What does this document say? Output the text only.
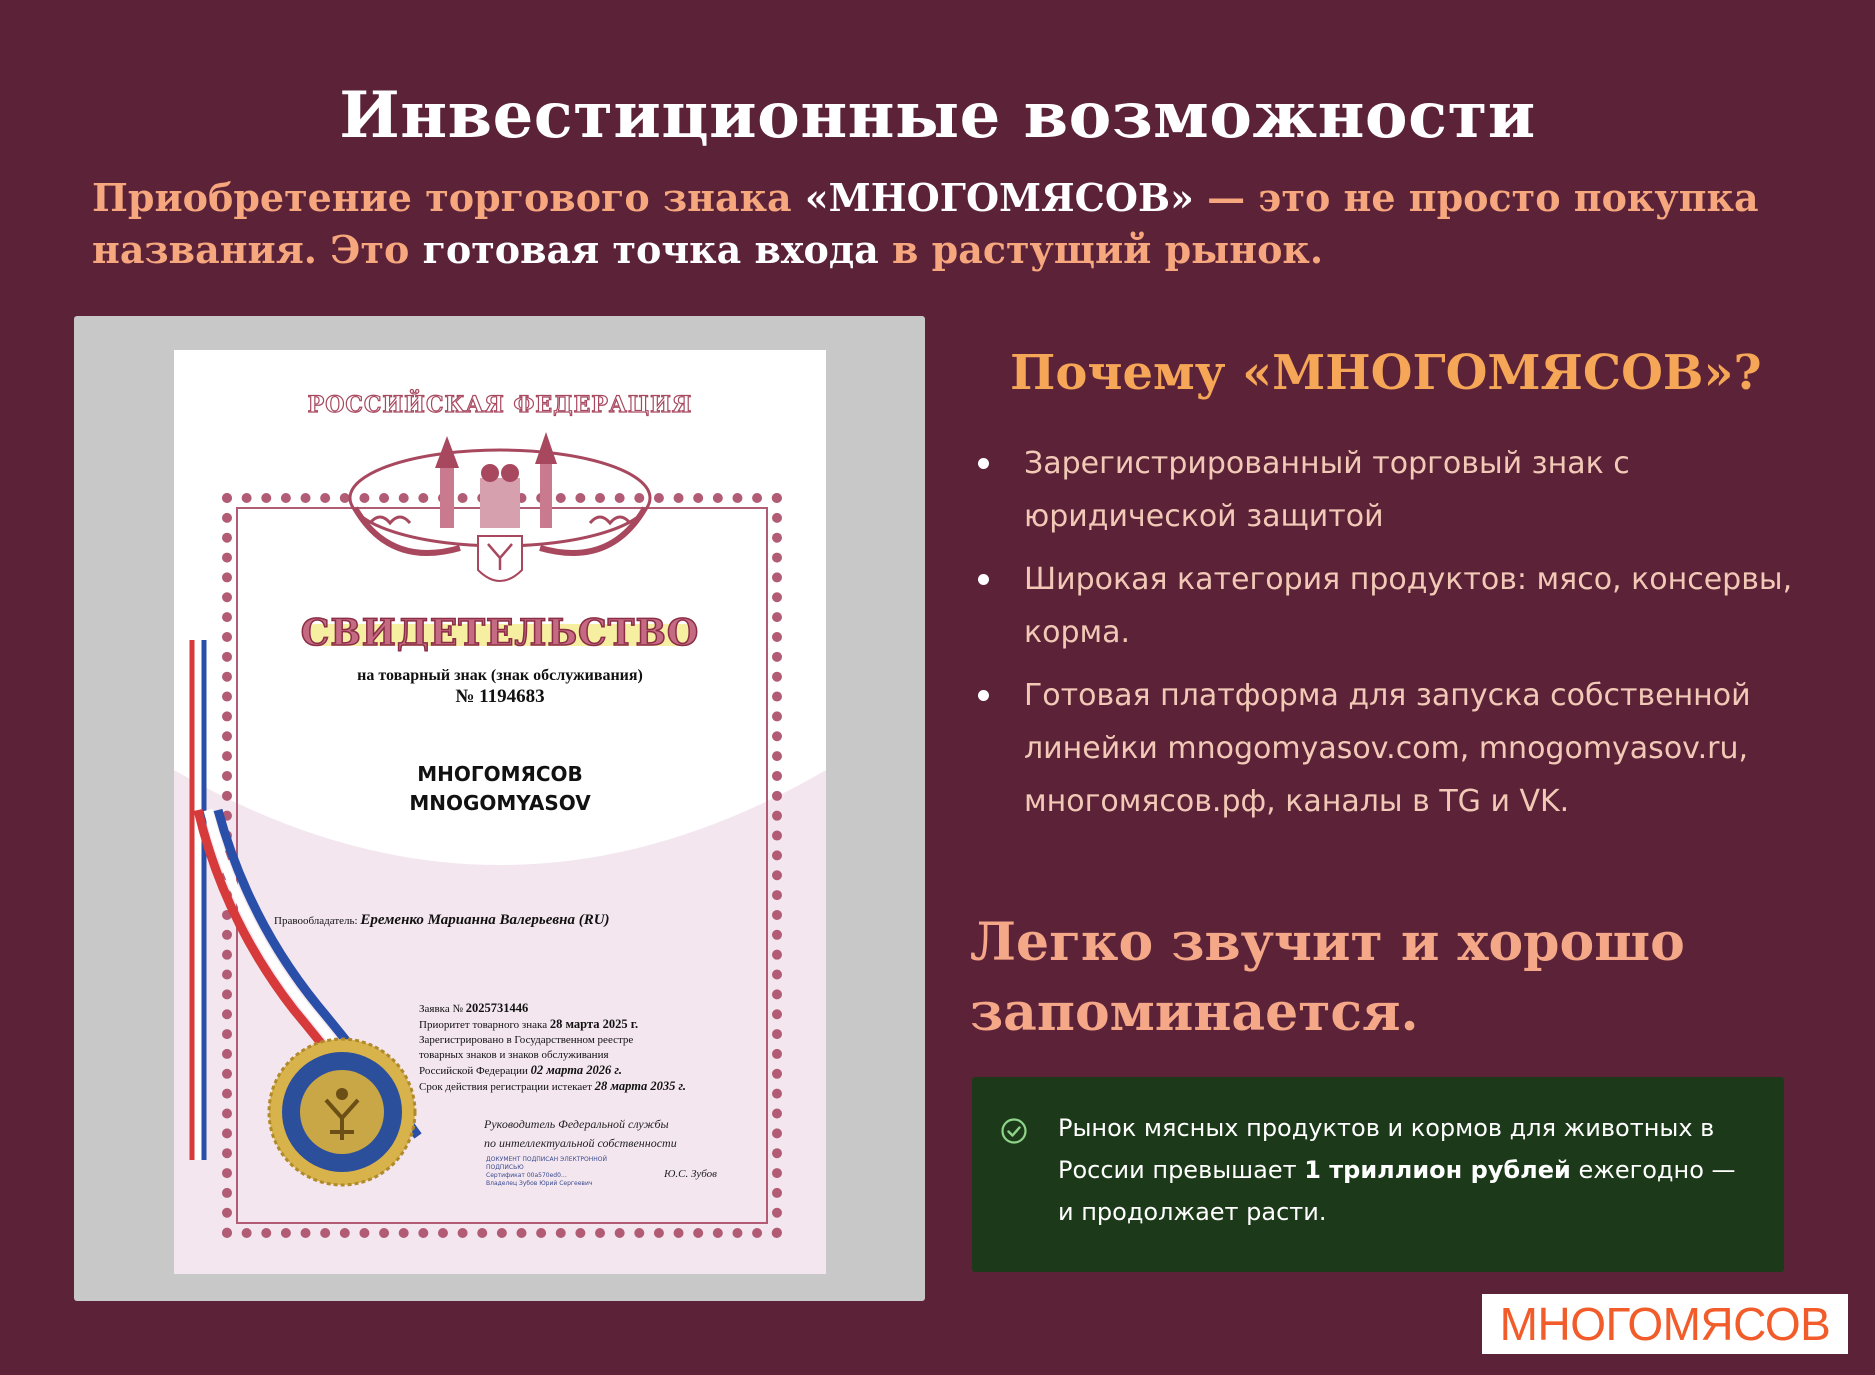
Инвестиционные возможности

Приобретение торгового знака «МНОГОМЯСОВ» — это не просто покупка названия. Это готовая точка входа в растущий рынок.

РОССИЙСКАЯ ФЕДЕРАЦИЯ
СВИДЕТЕЛЬСТВО
на товарный знак (знак обслуживания)
№ 1194683
МНОГОМЯСОВ
MNOGOMYASOV
Правообладатель: Еременко Марианна Валерьевна (RU)
Заявка № 2025731446
Приоритет товарного знака 28 марта 2025 г.
Зарегистрировано в Государственном реестре
товарных знаков и знаков обслуживания
Российской Федерации 02 марта 2026 г.
Срок действия регистрации истекает 28 марта 2035 г.
Руководитель Федеральной службы
по интеллектуальной собственности
ДОКУМЕНТ ПОДПИСАН ЭЛЕКТРОННОЙ ПОДПИСЬЮ
Сертификат 00a570ed0…
Владелец Зубов Юрий Сергеевич
Ю.С. Зубов
Почему «МНОГОМЯСОВ»?
Зарегистрированный торговый знак с юридической защитой
Широкая категория продуктов: мясо, консервы, корма.
Готовая платформа для запуска собственной линейки mnogomyasov.com, mnogomyasov.ru, многомясов.рф, каналы в TG и VK.
Легко звучит и хорошо запоминается.

Рынок мясных продуктов и кормов для животных в России превышает 1 триллион рублей ежегодно — и продолжает расти.

МНОГОМЯСОВ
